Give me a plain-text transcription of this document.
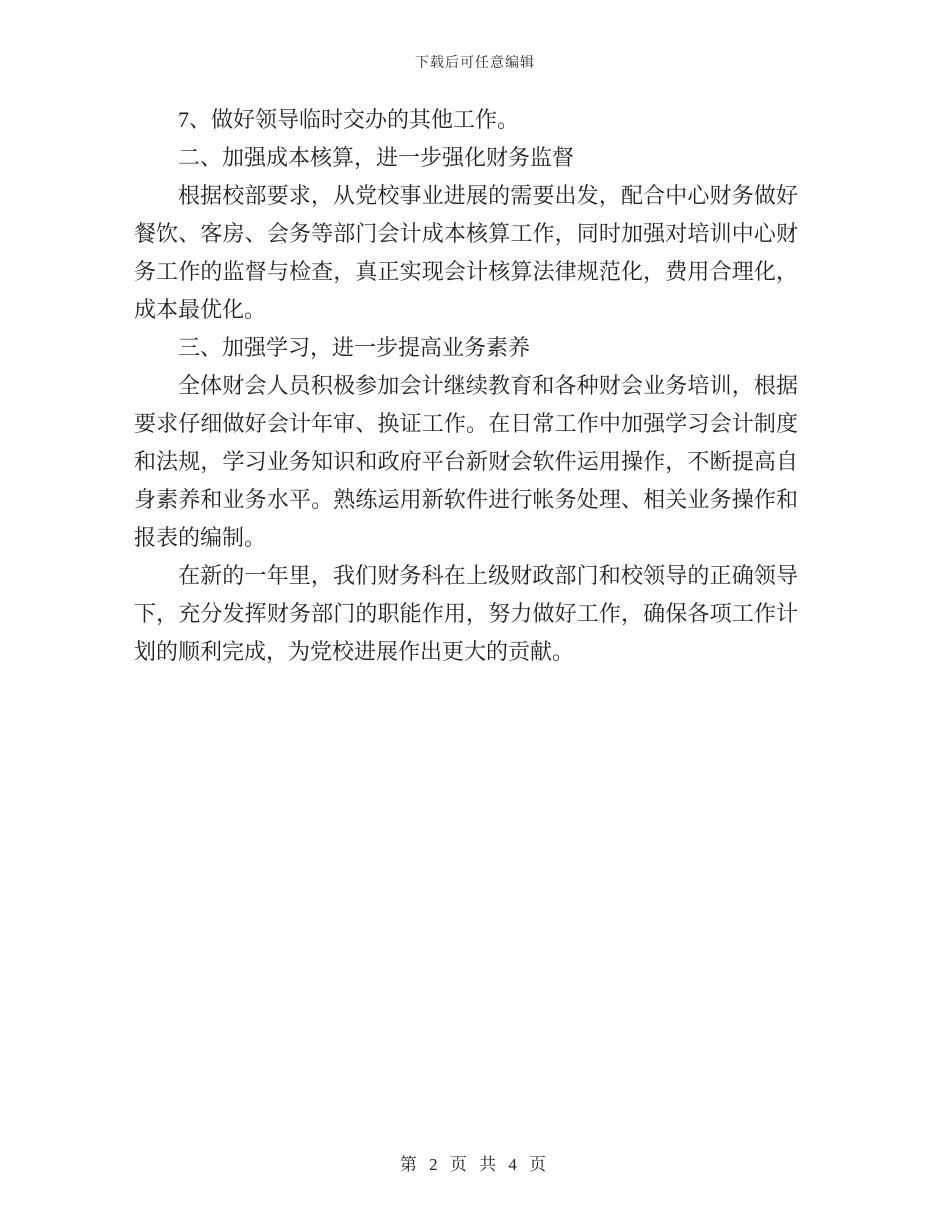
下载后可任意编辑

7、做好领导临时交办的其他工作。

二、加强成本核算，进一步强化财务监督

根据校部要求，从党校事业进展的需要出发，配合中心财务做好餐饮、客房、会务等部门会计成本核算工作，同时加强对培训中心财务工作的监督与检查，真正实现会计核算法律规范化，费用合理化，成本最优化。

三、加强学习，进一步提高业务素养

全体财会人员积极参加会计继续教育和各种财会业务培训，根据要求仔细做好会计年审、换证工作。在日常工作中加强学习会计制度和法规，学习业务知识和政府平台新财会软件运用操作，不断提高自身素养和业务水平。熟练运用新软件进行帐务处理、相关业务操作和报表的编制。

在新的一年里，我们财务科在上级财政部门和校领导的正确领导下，充分发挥财务部门的职能作用，努力做好工作，确保各项工作计划的顺利完成，为党校进展作出更大的贡献。

第 2 页 共 4 页
